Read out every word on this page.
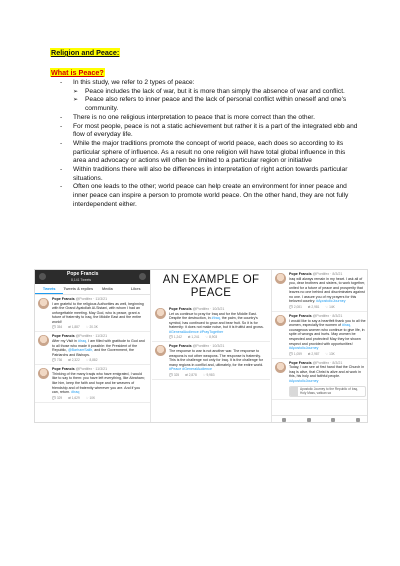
Religion and Peace:
What is Peace?
- In this study, we refer to 2 types of peace:
➢ Peace includes the lack of war, but it is more than simply the absence of war and conflict.
➢ Peace also refers to inner peace and the lack of personal conflict within oneself and one's community.
- There is no one religious interpretation to peace that is more correct than the other.
- For most people, peace is not a static achievement but rather it is a part of the integrated ebb and flow of everyday life.
- While the major traditions promote the concept of world peace, each does so according to its particular sphere of influence. As a result no one religion will have total global influence in this area and advocacy or actions will often be limited to a particular region or initiative
- Within traditions there will also be differences in interpretation of right action towards particular situations.
- Often one leads to the other; world peace can help create an environment for inner peace and inner peace can inspire a person to promote world peace. On the other hand, they are not fully interdependent either.
Pope Francis
8,141 Tweets
Tweets	Tweets & replies	Media	Likes
Pope Francis @Pontifex · 11/3/21
I am grateful to the religious Authorities as well, beginning with the Grand Ayatollah Al-Sistani, with whom I had an unforgettable meeting. May God, who is peace, grant a future of fraternity to Iraq, the Middle East and the entire world!
💬 354 ⇄ 1,887 ♡ 20.3K
Pope Francis @Pontifex · 11/3/21
After my Visit in #Iraq, I am filled with gratitude to God and to all those who made it possible: the President of the Republic, @BarhamSalih, and the Government, the Patriarchs and Bishops.
💬 736 ⇄ 2,322 ♡ 8,882
Pope Francis @Pontifex · 11/3/21
Thinking of the many Iraqis who have emigrated, I would like to say to them: you have left everything, like Abraham; like him, keep the faith and hope and be weavers of friendship and of fraternity wherever you are. And if you can, return. #Iraq
💬 329 ⇄ 1,629 ♡ 10K
AN EXAMPLE OF PEACE
Pope Francis @Pontifex · 10/3/21
Let us continue to pray for Iraq and for the Middle East. Despite the destruction, in #Iraq, the palm, the country's symbol, has continued to grow and bear fruit. So it is for fraternity: it does not make noise, but it is fruitful and grows. #GeneralAudience #PrayTogether
💬 1,242 ⇄ 1,241 ♡ 8,903
Pope Francis @Pontifex · 10/3/21
The response to war is not another war. The response to weapons is not other weapons. The response is fraternity. This is the challenge not only for Iraq. It is the challenge for many regions in conflict and, ultimately, for the entire world. #Peace #GeneralAudience
💬 325 ⇄ 2,878 ♡ 9,983
Pope Francis @Pontifex · 8/3/21
Iraq will always remain in my heart. I ask all of you, dear brothers and sisters, to work together, united for a future of peace and prosperity that leaves no one behind and discriminates against no one. I assure you of my prayers for this beloved country. #ApostolicJourney
💬 2,081 ⇄ 2,981 ♡ 14K
Pope Francis @Pontifex · 8/3/21
I would like to say a heartfelt thank you to all the women, especially the women of #Iraq, courageous women who continue to give life, in spite of wrongs and hurts. May women be respected and protected! May they be shown respect and provided with opportunities! #ApostolicJourney
💬 1,059 ⇄ 2,987 ♡ 13K
Pope Francis @Pontifex · 8/3/21
Today, I can see at first hand that the Church in Iraq is alive, that Christ is alive and at work in this, his holy and faithful people. #ApostolicJourney
Apostolic Journey to the Republic of Iraq, Holy Mass, vatican.va
